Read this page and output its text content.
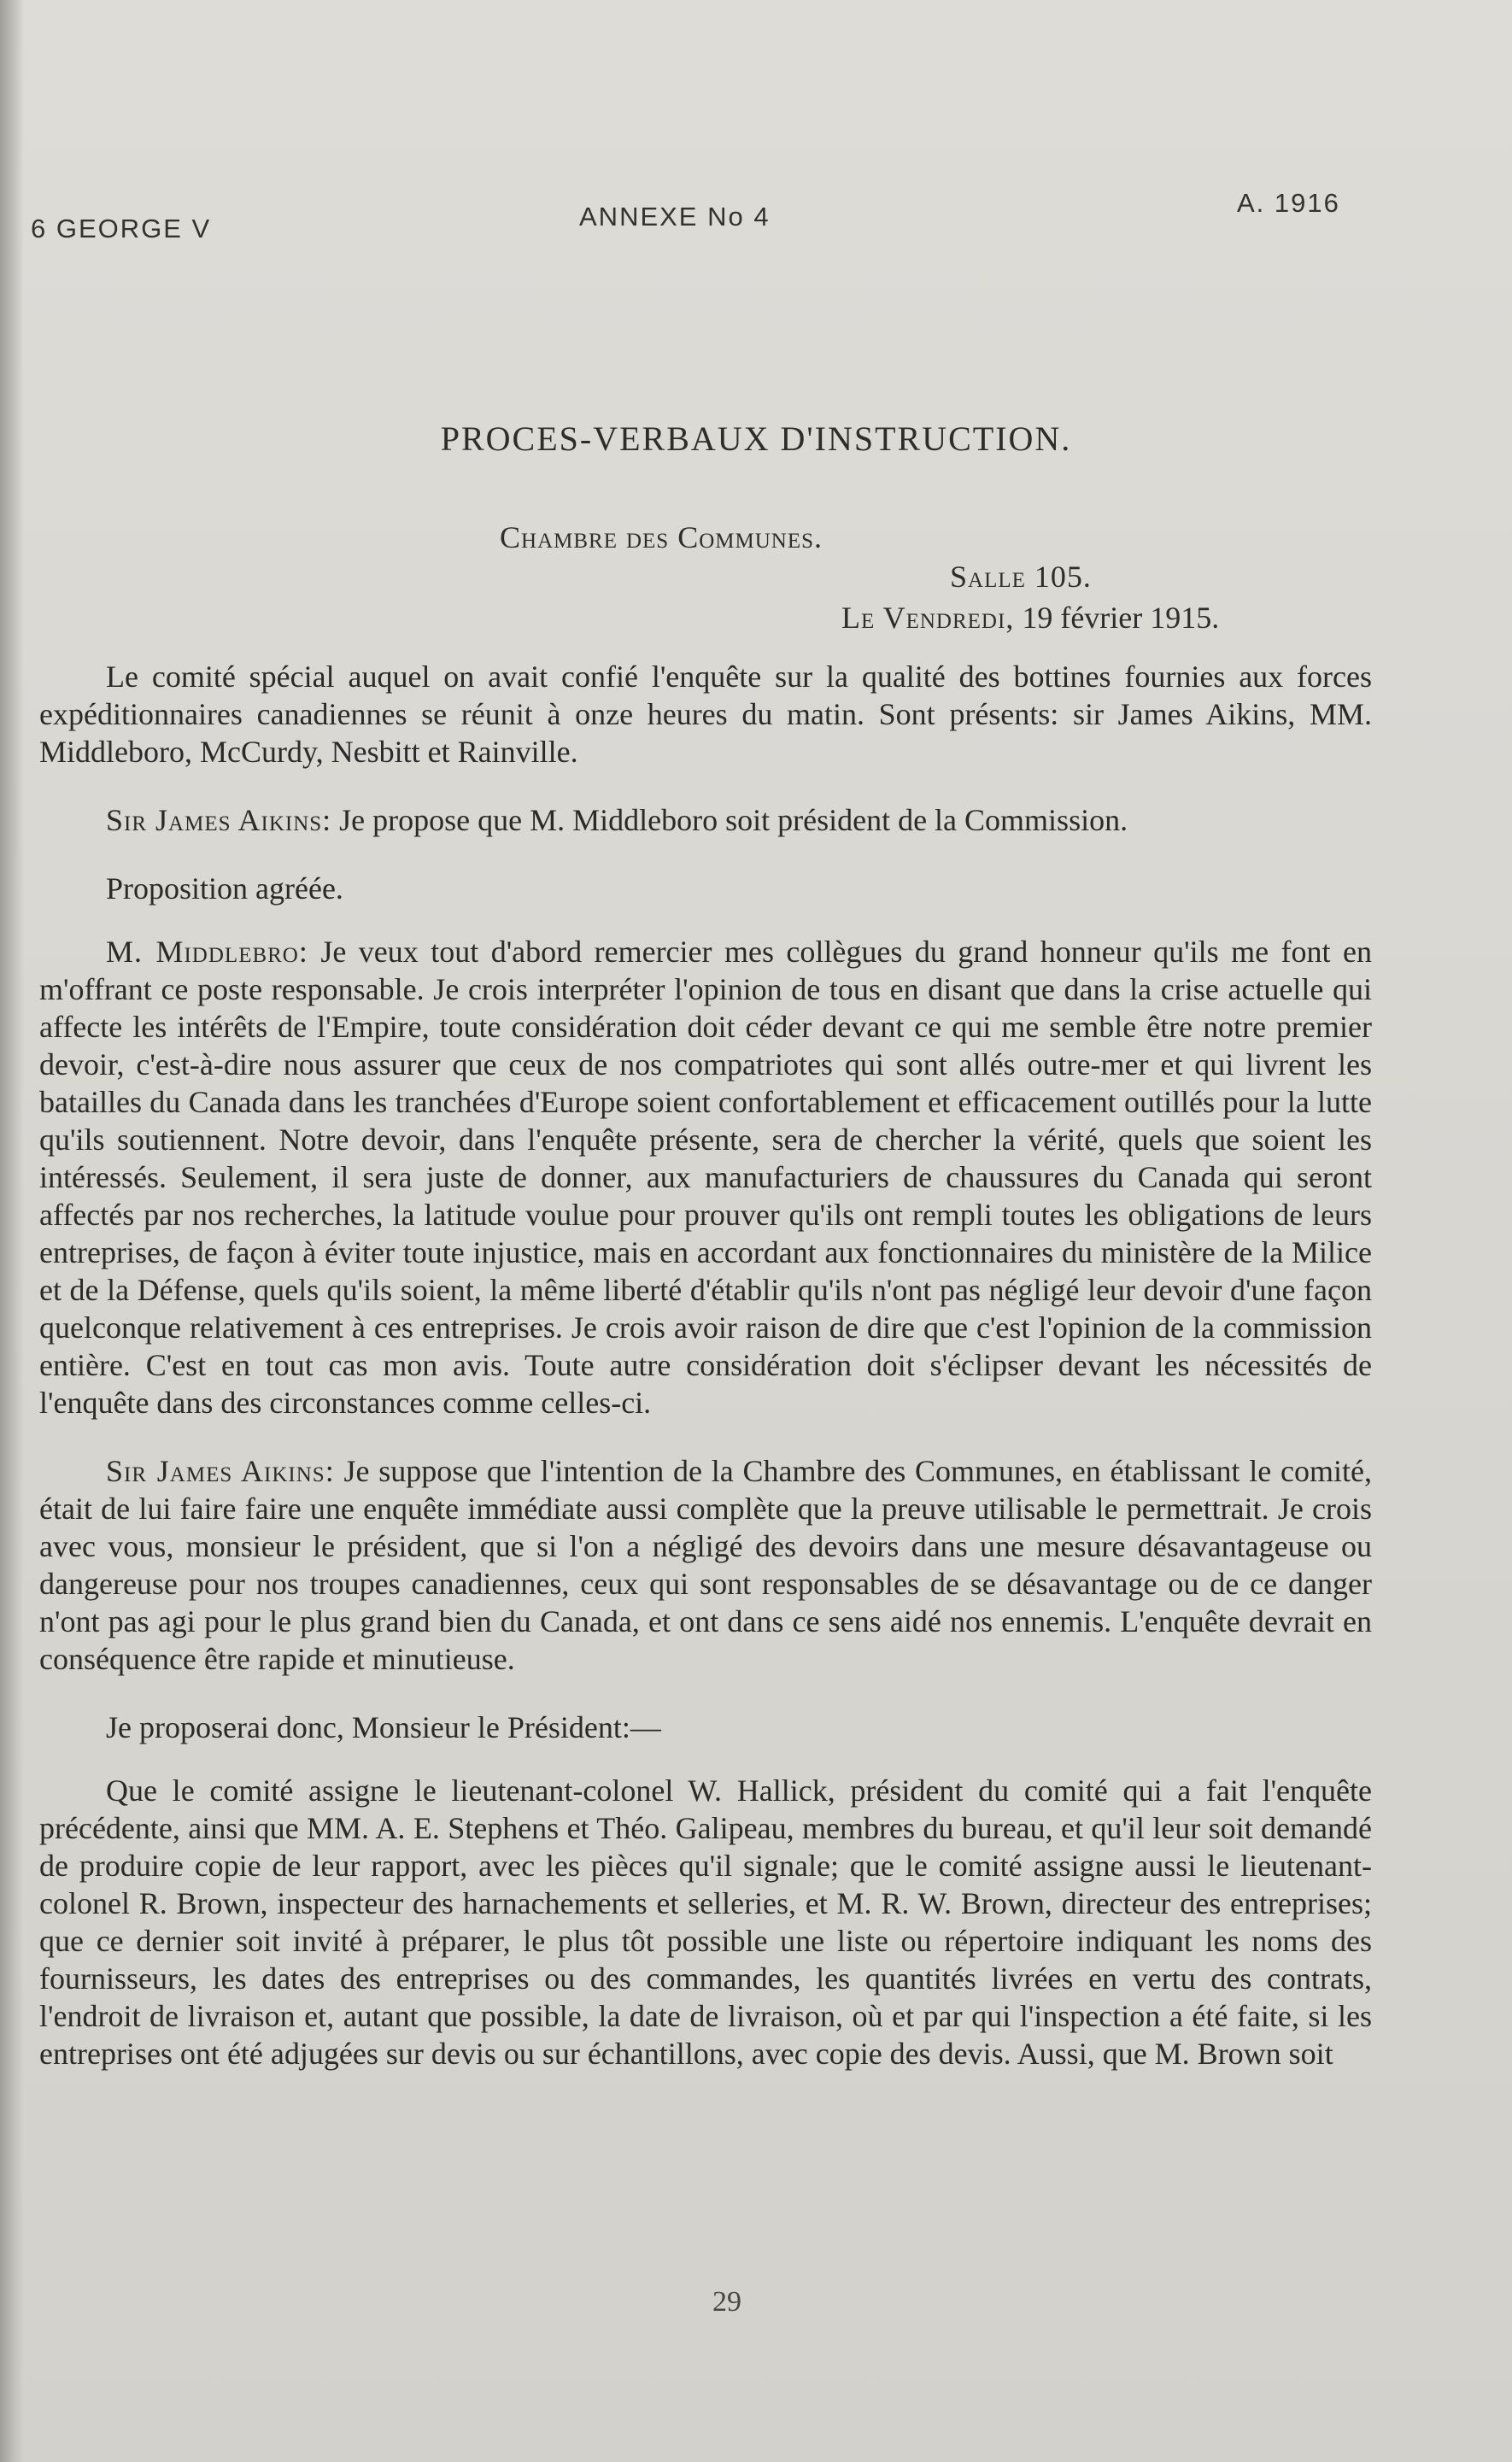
6 GEORGE V	ANNEXE No 4	A. 1916
PROCES-VERBAUX D'INSTRUCTION.
Chambre des Communes.
Salle 105.
Le Vendredi, 19 février 1915.

Le comité spécial auquel on avait confié l'enquête sur la qualité des bottines fournies aux forces expéditionnaires canadiennes se réunit à onze heures du matin. Sont présents: sir James Aikins, MM. Middleboro, McCurdy, Nesbitt et Rainville.

Sir James Aikins: Je propose que M. Middleboro soit président de la Commission.

Proposition agréée.

M. Middlebro: Je veux tout d'abord remercier mes collègues du grand honneur qu'ils me font en m'offrant ce poste responsable. Je crois interpréter l'opinion de tous en disant que dans la crise actuelle qui affecte les intérêts de l'Empire, toute considération doit céder devant ce qui me semble être notre premier devoir, c'est-à-dire nous assurer que ceux de nos compatriotes qui sont allés outre-mer et qui livrent les batailles du Canada dans les tranchées d'Europe soient confortablement et efficacement outillés pour la lutte qu'ils soutiennent. Notre devoir, dans l'enquête présente, sera de chercher la vérité, quels que soient les intéressés. Seulement, il sera juste de donner, aux manufacturiers de chaussures du Canada qui seront affectés par nos recherches, la latitude voulue pour prouver qu'ils ont rempli toutes les obligations de leurs entreprises, de façon à éviter toute injustice, mais en accordant aux fonctionnaires du ministère de la Milice et de la Défense, quels qu'ils soient, la même liberté d'établir qu'ils n'ont pas négligé leur devoir d'une façon quelconque relativement à ces entreprises. Je crois avoir raison de dire que c'est l'opinion de la commission entière. C'est en tout cas mon avis. Toute autre considération doit s'éclipser devant les nécessités de l'enquête dans des circonstances comme celles-ci.

Sir James Aikins: Je suppose que l'intention de la Chambre des Communes, en établissant le comité, était de lui faire faire une enquête immédiate aussi complète que la preuve utilisable le permettrait. Je crois avec vous, monsieur le président, que si l'on a négligé des devoirs dans une mesure désavantageuse ou dangereuse pour nos troupes canadiennes, ceux qui sont responsables de se désavantage ou de ce danger n'ont pas agi pour le plus grand bien du Canada, et ont dans ce sens aidé nos ennemis. L'enquête devrait en conséquence être rapide et minutieuse.

Je proposerai donc, Monsieur le Président:—

Que le comité assigne le lieutenant-colonel W. Hallick, président du comité qui a fait l'enquête précédente, ainsi que MM. A. E. Stephens et Théo. Galipeau, membres du bureau, et qu'il leur soit demandé de produire copie de leur rapport, avec les pièces qu'il signale; que le comité assigne aussi le lieutenant-colonel R. Brown, inspecteur des harnachements et selleries, et M. R. W. Brown, directeur des entreprises; que ce dernier soit invité à préparer, le plus tôt possible une liste ou répertoire indiquant les noms des fournisseurs, les dates des entreprises ou des commandes, les quantités livrées en vertu des contrats, l'endroit de livraison et, autant que possible, la date de livraison, où et par qui l'inspection a été faite, si les entreprises ont été adjugées sur devis ou sur échantillons, avec copie des devis. Aussi, que M. Brown soit

29
